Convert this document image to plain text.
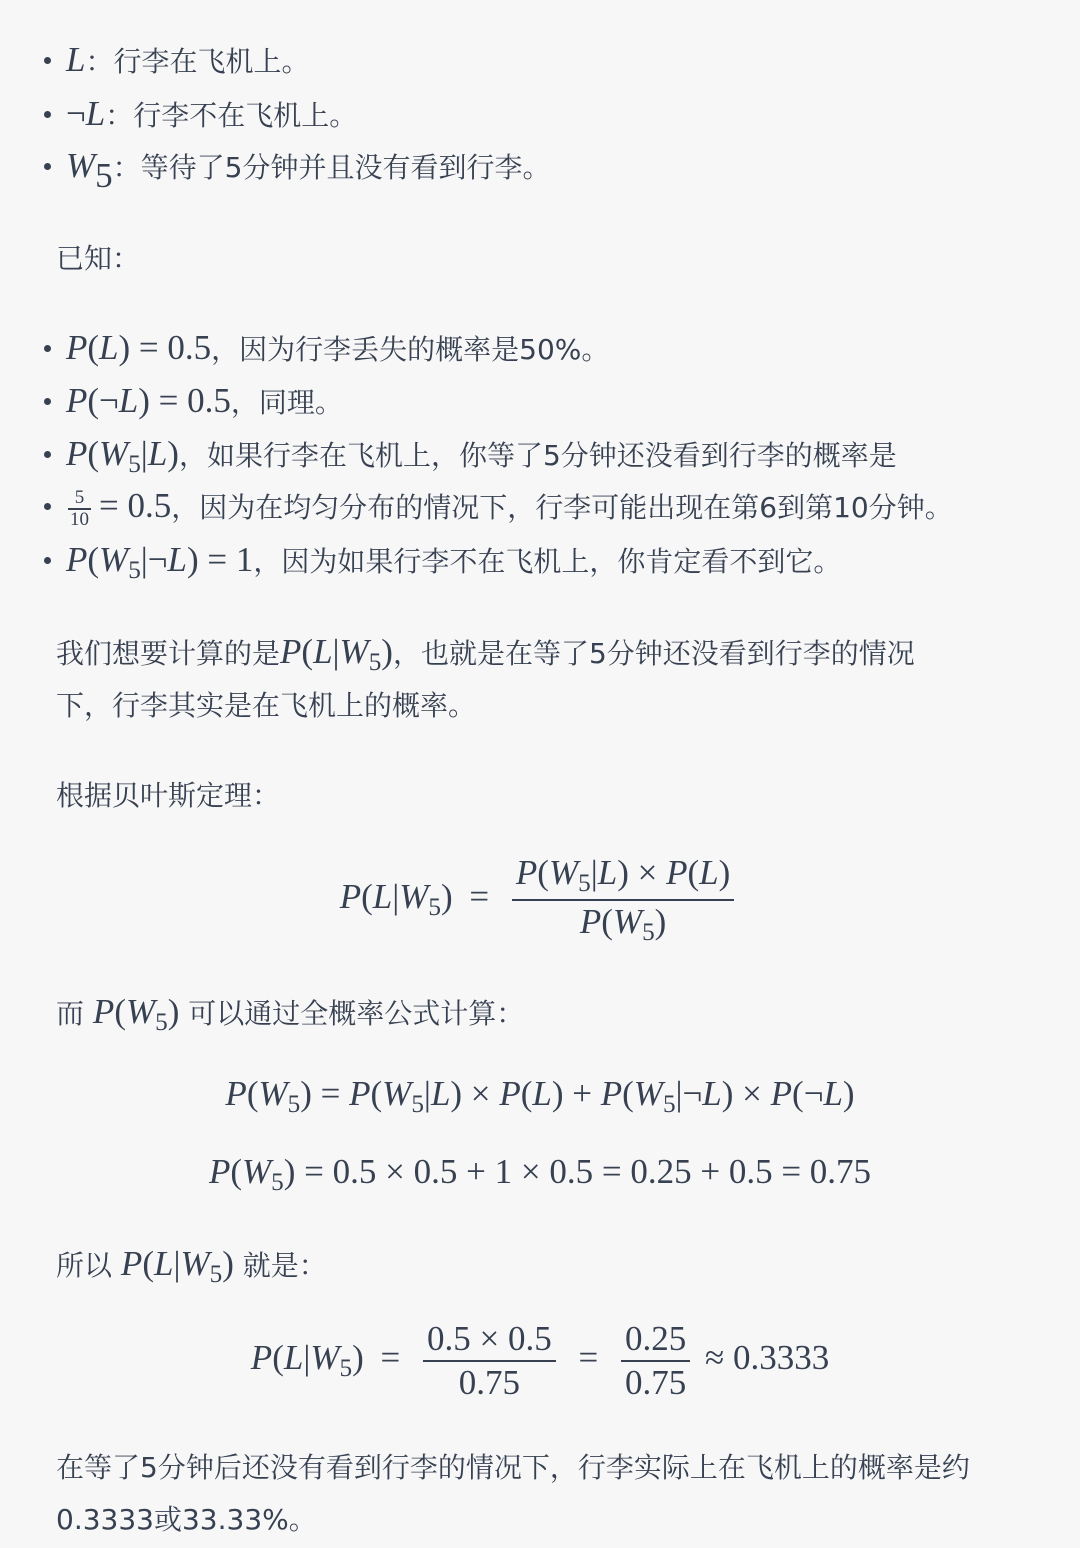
L：行李在飞机上。
¬L：行李不在飞机上。
W5：等待了5分钟并且没有看到行李。
已知：
P(L) = 0.5，因为行李丢失的概率是50%。
P(¬L) = 0.5，同理。
$P(W_5|L)$，如果行李在飞机上，你等了5分钟还没看到行李的概率是
$\frac{5}{10} = 0.5$，因为在均匀分布的情况下，行李可能出现在第6到第10分钟。
$P(W_5|\neg L) = 1$，因为如果行李不在飞机上，你肯定看不到它。
我们想要计算的是$P(L|W_5)$，也就是在等了5分钟还没看到行李的情况
下，行李其实是在飞机上的概率。
根据贝叶斯定理：
$P(L|W_5) = \frac{P(W_5|L) \times P(L)}{P(W_5)}$
而 $P(W_5)$ 可以通过全概率公式计算：
$P(W_5) = P(W_5|L) \times P(L)$ + $P(W_5|\neg L)$ × P(¬L)
$P(W_5) = 0.5 \times 0.5 + 1 \times 0.5 = 0.25 + 0.5 = 0.75$
所以 $P(L|W_5)$ 就是：
$P(L|W_5) = \frac{0.5 \times 0.5}{0.75} = \frac{0.25}{0.75} \approx 0.3333$
在等了5分钟后还没有看到行李的情况下，行李实际上在飞机上的概率是约
0.3333或33.33%。
